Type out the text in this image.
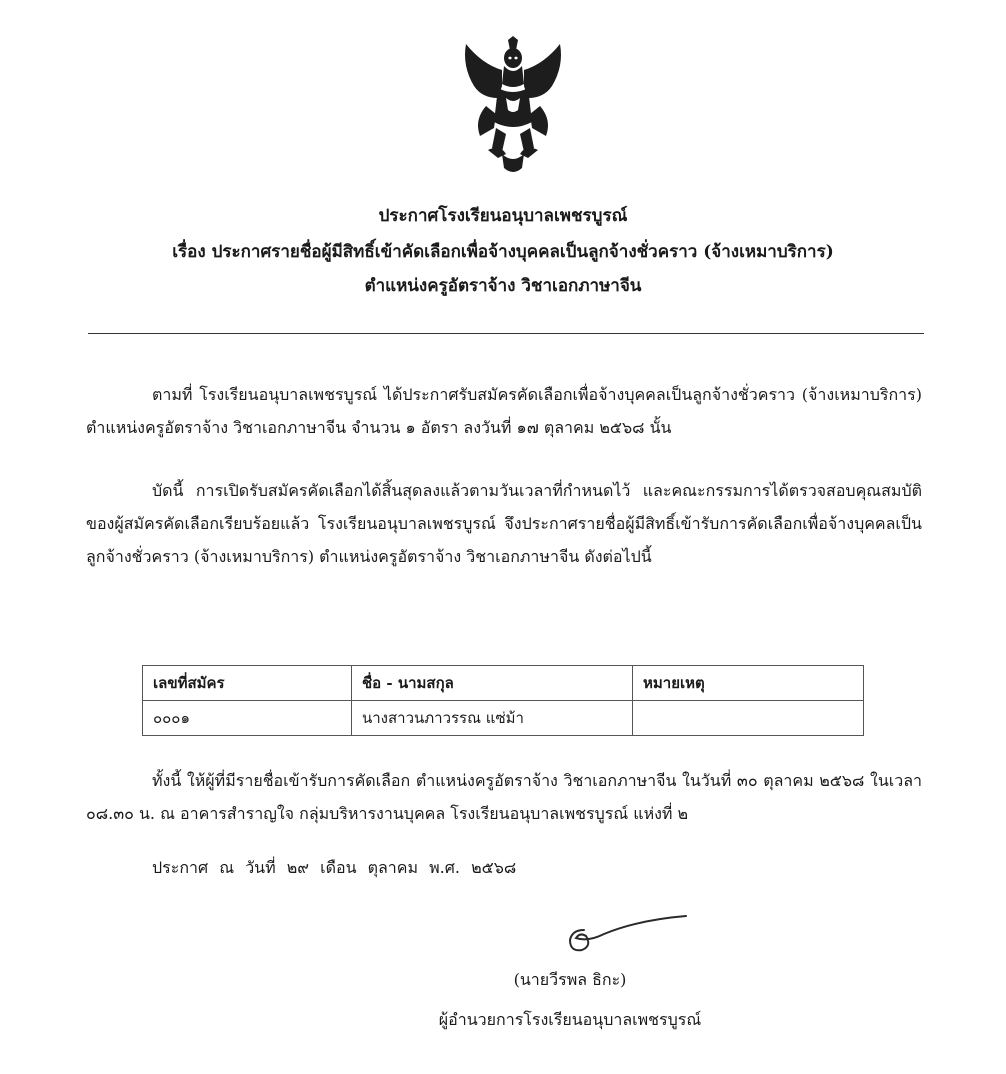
ประกาศโรงเรียนอนุบาลเพชรบูรณ์
เรื่อง ประกาศรายชื่อผู้มีสิทธิ์เข้าคัดเลือกเพื่อจ้างบุคคลเป็นลูกจ้างชั่วคราว (จ้างเหมาบริการ)
ตำแหน่งครูอัตราจ้าง วิชาเอกภาษาจีน
ตามที่ โรงเรียนอนุบาลเพชรบูรณ์ ได้ประกาศรับสมัครคัดเลือกเพื่อจ้างบุคคลเป็นลูกจ้างชั่วคราว (จ้างเหมาบริการ) ตำแหน่งครูอัตราจ้าง วิชาเอกภาษาจีน จำนวน ๑ อัตรา ลงวันที่ ๑๗ ตุลาคม ๒๕๖๘ นั้น
บัดนี้ การเปิดรับสมัครคัดเลือกได้สิ้นสุดลงแล้วตามวันเวลาที่กำหนดไว้ และคณะกรรมการได้ตรวจสอบคุณสมบัติของผู้สมัครคัดเลือกเรียบร้อยแล้ว โรงเรียนอนุบาลเพชรบูรณ์ จึงประกาศรายชื่อผู้มีสิทธิ์เข้ารับการคัดเลือกเพื่อจ้างบุคคลเป็นลูกจ้างชั่วคราว (จ้างเหมาบริการ) ตำแหน่งครูอัตราจ้าง วิชาเอกภาษาจีน ดังต่อไปนี้
เลขที่สมัคร	ชื่อ - นามสกุล	หมายเหตุ
๐๐๐๑	นางสาวนภาวรรณ แซ่ม้า	
ทั้งนี้ ให้ผู้ที่มีรายชื่อเข้ารับการคัดเลือก ตำแหน่งครูอัตราจ้าง วิชาเอกภาษาจีน ในวันที่ ๓๐ ตุลาคม ๒๕๖๘ ในเวลา ๐๘.๓๐ น. ณ อาคารสำราญใจ กลุ่มบริหารงานบุคคล โรงเรียนอนุบาลเพชรบูรณ์ แห่งที่ ๒
ประกาศ ณ วันที่ ๒๙ เดือน ตุลาคม พ.ศ. ๒๕๖๘
(นายวีรพล ธิกะ)
ผู้อำนวยการโรงเรียนอนุบาลเพชรบูรณ์
